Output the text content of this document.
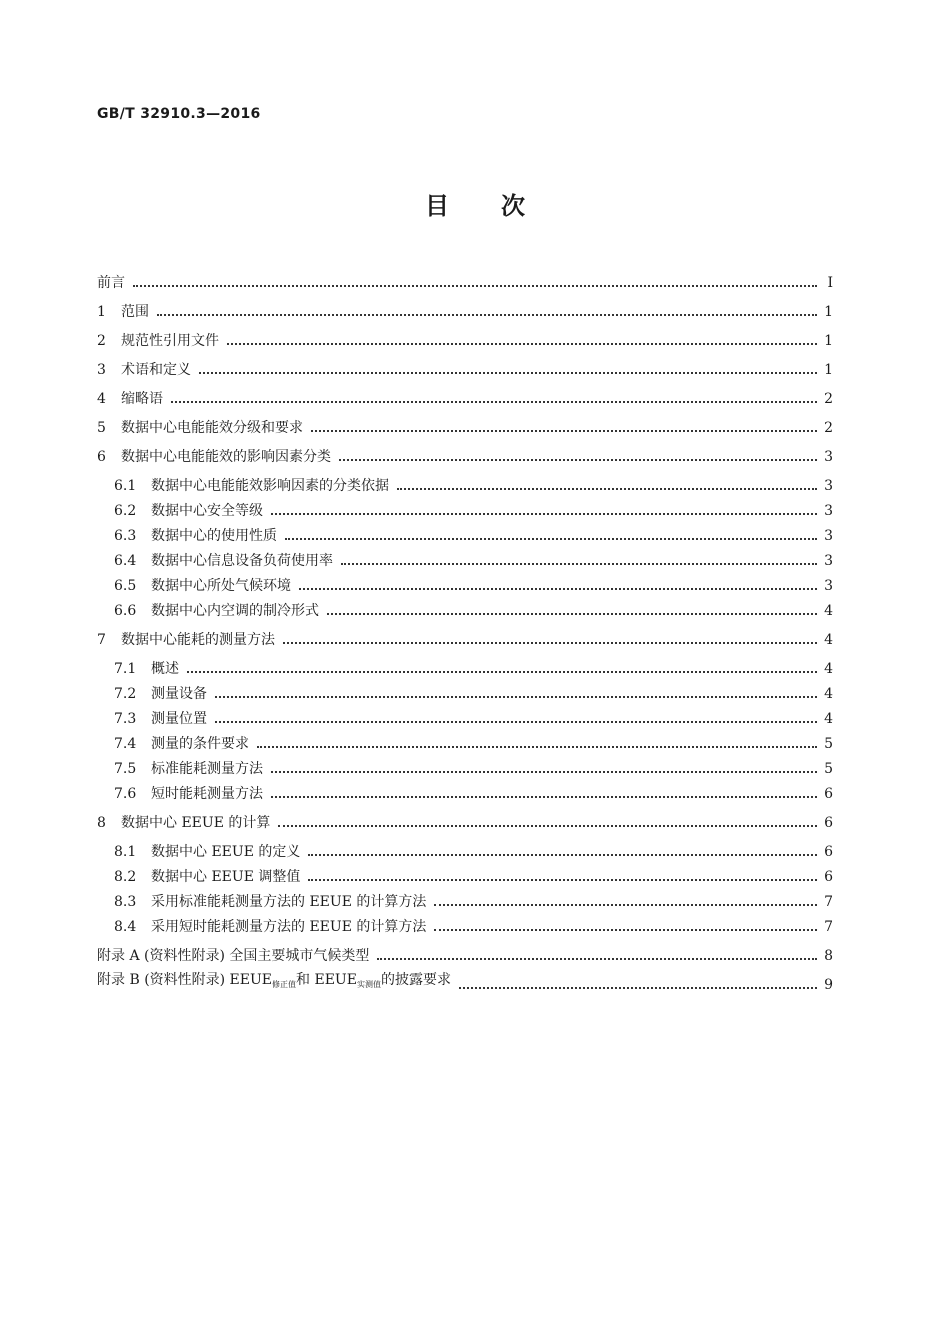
GB/T 32910.3—2016
目次
前言	Ⅰ
1	范围	1
2	规范性引用文件	1
3	术语和定义	1
4	缩略语	2
5	数据中心电能能效分级和要求	2
6	数据中心电能能效的影响因素分类	3
6.1	数据中心电能能效影响因素的分类依据	3
6.2	数据中心安全等级	3
6.3	数据中心的使用性质	3
6.4	数据中心信息设备负荷使用率	3
6.5	数据中心所处气候环境	3
6.6	数据中心内空调的制冷形式	4
7	数据中心能耗的测量方法	4
7.1	概述	4
7.2	测量设备	4
7.3	测量位置	4
7.4	测量的条件要求	5
7.5	标准能耗测量方法	5
7.6	短时能耗测量方法	6
8	数据中心 EEUE 的计算	6
8.1	数据中心 EEUE 的定义	6
8.2	数据中心 EEUE 调整值	6
8.3	采用标准能耗测量方法的 EEUE 的计算方法	7
8.4	采用短时能耗测量方法的 EEUE 的计算方法	7
附录 A (资料性附录) 全国主要城市气候类型	8
附录 B (资料性附录) $EEUE_{修正值}$和 $EEUE_{实测值}$的披露要求	9
